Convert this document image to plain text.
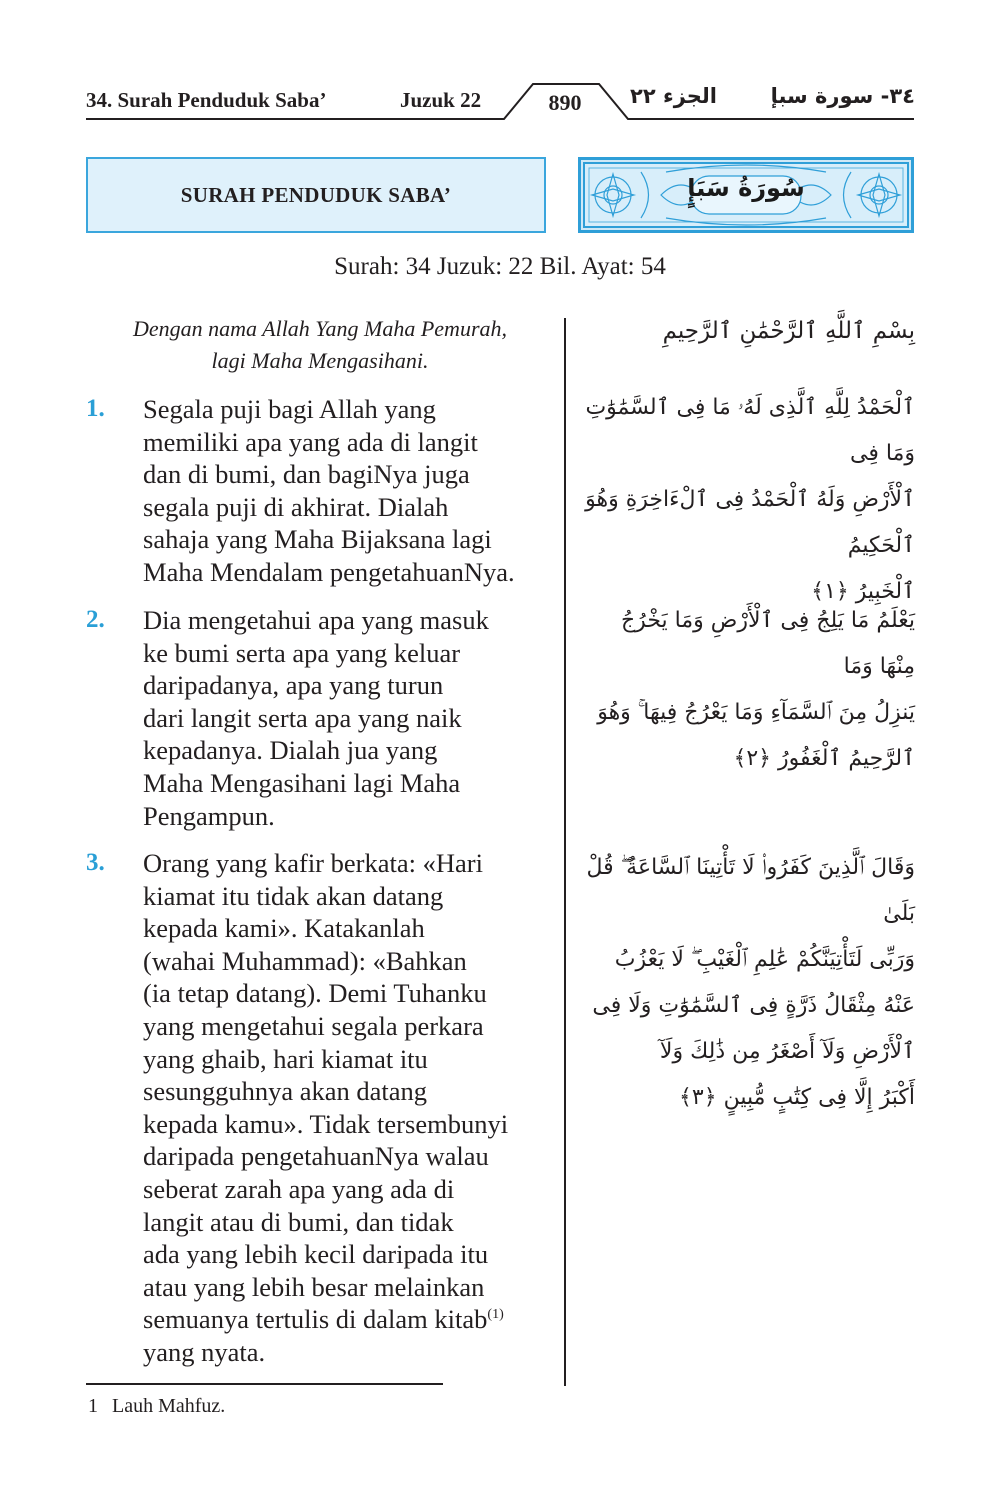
34. Surah Penduduk Saba’	Juzuk 22	890	الجزء ٢٢	٣٤- سورة سبإ
SURAH PENDUDUK SABA’	سُورَةُ سَبَإٍ
Surah: 34 Juzuk: 22 Bil. Ayat: 54
Dengan nama Allah Yang Maha Pemurah,
lagi Maha Mengasihani.
بِسْمِ ٱللَّهِ ٱلرَّحْمَٰنِ ٱلرَّحِيمِ
1. Segala puji bagi Allah yang
memiliki apa yang ada di langit
dan di bumi, dan bagiNya juga
segala puji di akhirat. Dialah
sahaja yang Maha Bijaksana lagi
Maha Mendalam pengetahuanNya.
ٱلْحَمْدُ لِلَّهِ ٱلَّذِى لَهُۥ مَا فِى ٱلسَّمَٰوَٰتِ وَمَا فِى
ٱلْأَرْضِ وَلَهُ ٱلْحَمْدُ فِى ٱلْءَاخِرَةِ وَهُوَ ٱلْحَكِيمُ
ٱلْخَبِيرُ ﴿١﴾
2. Dia mengetahui apa yang masuk
ke bumi serta apa yang keluar
daripadanya, apa yang turun
dari langit serta apa yang naik
kepadanya. Dialah jua yang
Maha Mengasihani lagi Maha
Pengampun.
يَعْلَمُ مَا يَلِجُ فِى ٱلْأَرْضِ وَمَا يَخْرُجُ مِنْهَا وَمَا
يَنزِلُ مِنَ ٱلسَّمَآءِ وَمَا يَعْرُجُ فِيهَا ۚ وَهُوَ
ٱلرَّحِيمُ ٱلْغَفُورُ ﴿٢﴾
3. Orang yang kafir berkata: «Hari
kiamat itu tidak akan datang
kepada kami». Katakanlah
(wahai Muhammad): «Bahkan
(ia tetap datang). Demi Tuhanku
yang mengetahui segala perkara
yang ghaib, hari kiamat itu
sesungguhnya akan datang
kepada kamu». Tidak tersembunyi
daripada pengetahuanNya walau
seberat zarah apa yang ada di
langit atau di bumi, dan tidak
ada yang lebih kecil daripada itu
atau yang lebih besar melainkan
semuanya tertulis di dalam kitab$^{(1)}$
yang nyata.
وَقَالَ ٱلَّذِينَ كَفَرُوا۟ لَا تَأْتِينَا ٱلسَّاعَةُ ۖ قُلْ بَلَىٰ
وَرَبِّى لَتَأْتِيَنَّكُمْ عَٰلِمِ ٱلْغَيْبِ ۖ لَا يَعْزُبُ
عَنْهُ مِثْقَالُ ذَرَّةٍ فِى ٱلسَّمَٰوَٰتِ وَلَا فِى
ٱلْأَرْضِ وَلَآ أَصْغَرُ مِن ذَٰلِكَ وَلَآ
أَكْبَرُ إِلَّا فِى كِتَٰبٍ مُّبِينٍ ﴿٣﴾
1 Lauh Mahfuz.
